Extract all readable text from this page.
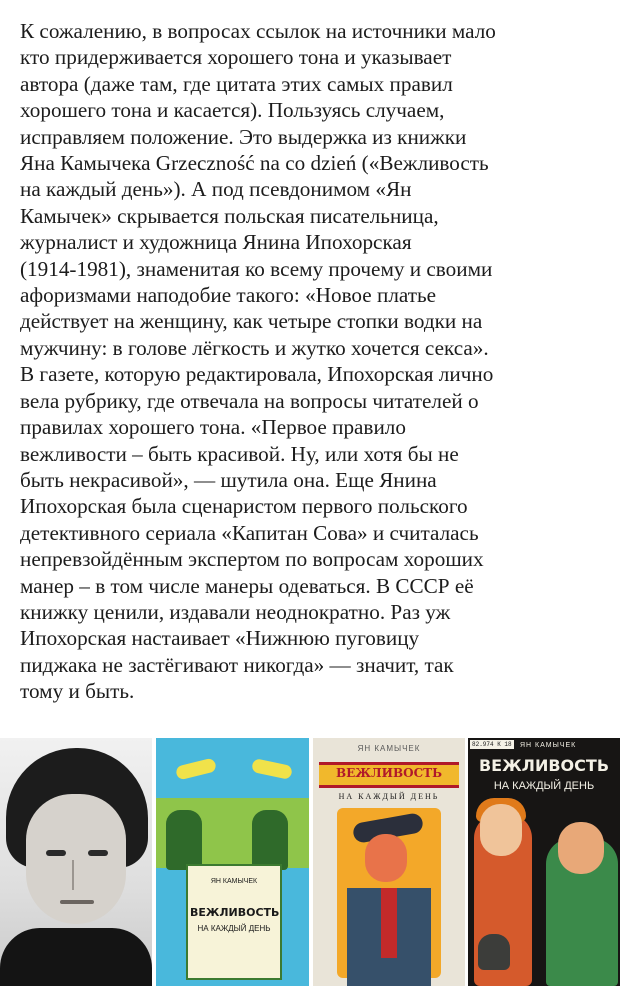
К сожалению, в вопросах ссылок на источники мало
кто придерживается хорошего тона и указывает
автора (даже там, где цитата этих самых правил
хорошего тона и касается). Пользуясь случаем,
исправляем положение. Это выдержка из книжки
Яна Камычека Grzeczność na co dzień («Вежливость
на каждый день»). А под псевдонимом «Ян
Камычек» скрывается польская писательница,
журналист и художница Янина Ипохорская
(1914-1981), знаменитая ко всему прочему и своими
афоризмами наподобие такого: «Новое платье
действует на женщину, как четыре стопки водки на
мужчину: в голове лёгкость и жутко хочется секса».
В газете, которую редактировала, Ипохорская лично
вела рубрику, где отвечала на вопросы читателей о
правилах хорошего тона. «Первое правило
вежливости – быть красивой. Ну, или хотя бы не
быть некрасивой», — шутила она. Еще Янина
Ипохорская была сценаристом первого польского
детективного сериала «Капитан Сова» и считалась
непревзойдённым экспертом по вопросам хороших
манер – в том числе манеры одеваться. В СССР её
книжку ценили, издавали неоднократно. Раз уж
Ипохорская настаивает «Нижнюю пуговицу
пиджака не застёгивают никогда» — значит, так
тому и быть.
ЯН КАМЫЧЕК
ВЕЖЛИВОСТЬ
НА КАЖДЫЙ ДЕНЬ
ЯН КАМЫЧЕК
ВЕЖЛИВОСТЬ
НА КАЖДЫЙ ДЕНЬ
82.974 К 18 ЯН КАМЫЧЕК
ВЕЖЛИВОСТЬ
НА КАЖДЫЙ ДЕНЬ
